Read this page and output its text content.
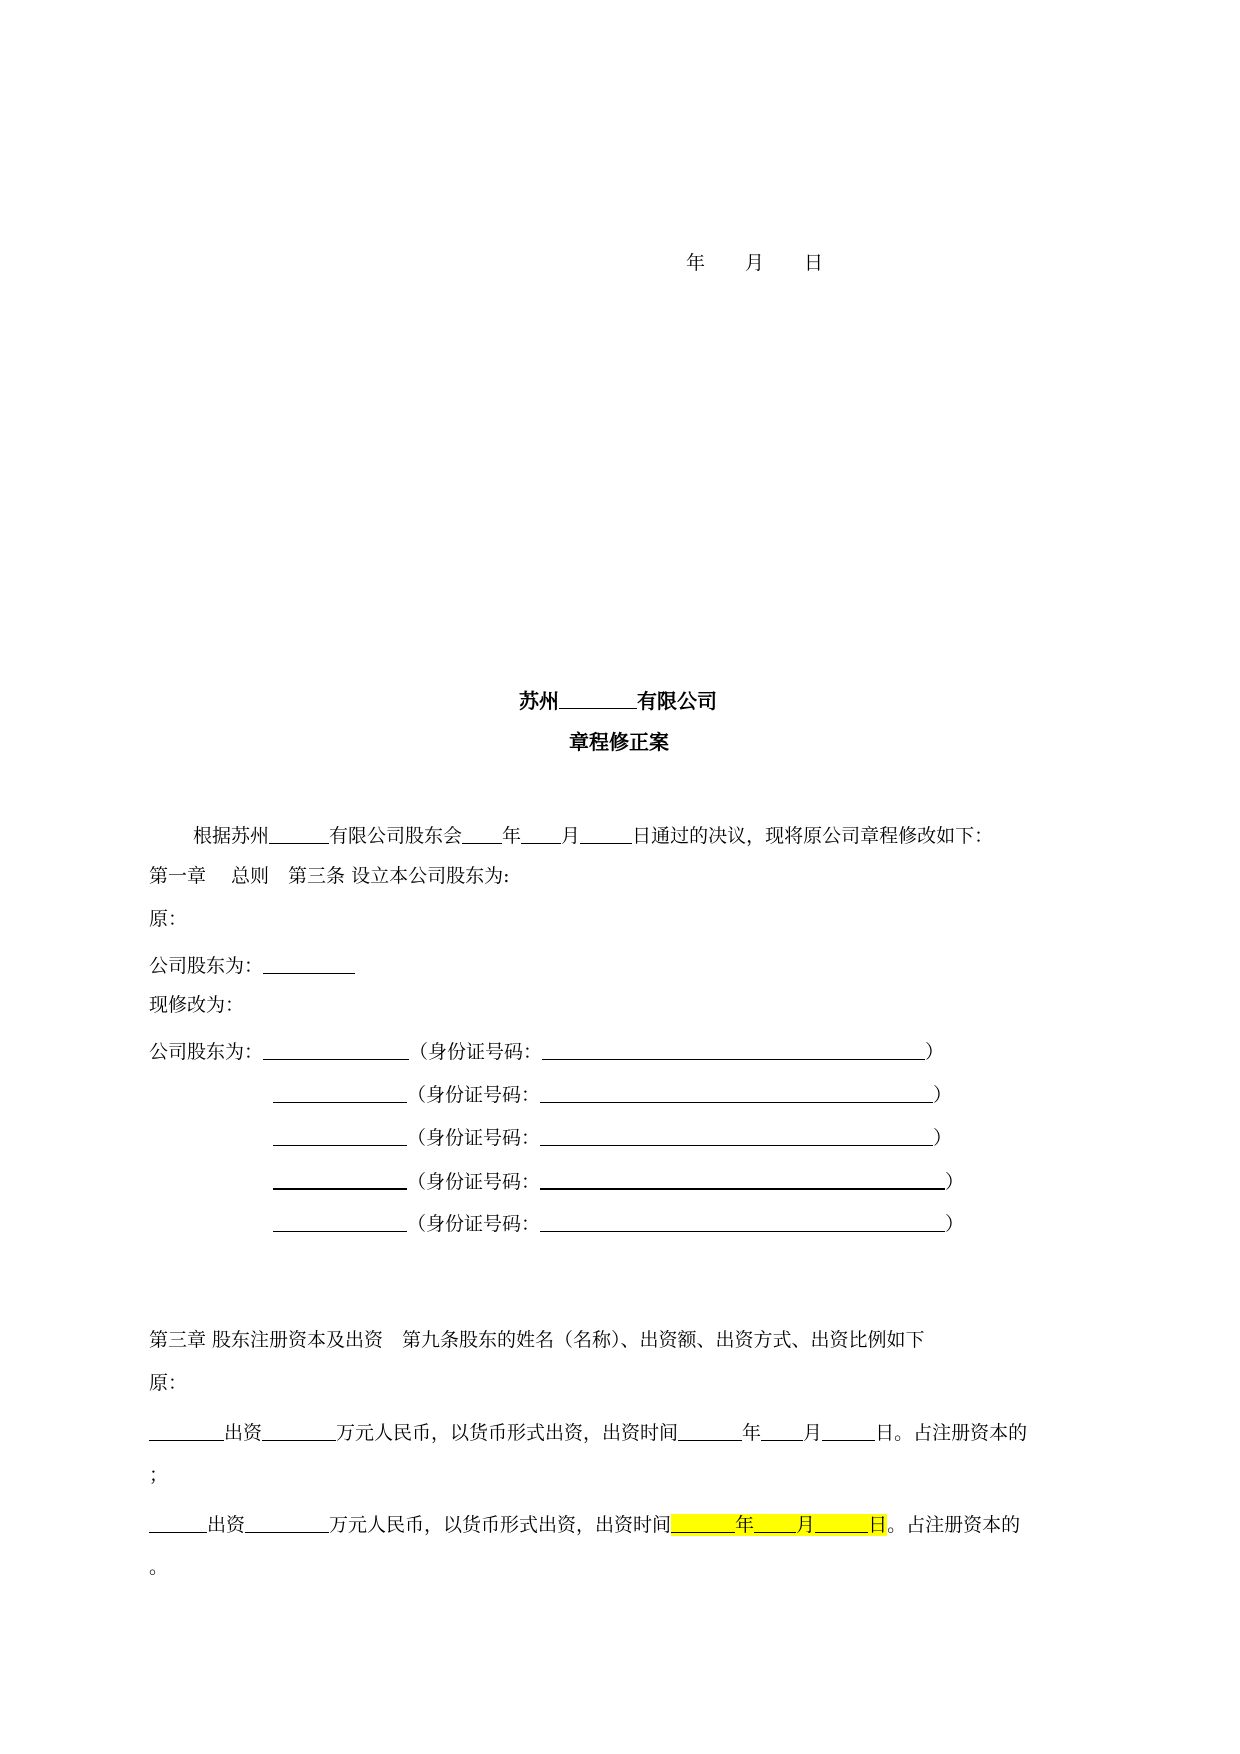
年 月 日
苏州	有限公司
章程修正案
根据苏州	有限公司股东会 年 月	日通过的决议，现将原公司章程修改如下：
第一章　 总则　第三条 设立本公司股东为:
原：
公司股东为：
现修改为：
公司股东为：	（身份证号码：	）
（身份证号码：	）
（身份证号码：	）
（身份证号码：	）
（身份证号码：	）
第三章 股东注册资本及出资　第九条股东的姓名（名称）、出资额、出资方式、出资比例如下
原：
出资	万元人民币，以货币形式出资，出资时间	年 月	日。占注册资本的
；
出资	万元人民币，以货币形式出资，出资时间	年 月	日。占注册资本的
。
